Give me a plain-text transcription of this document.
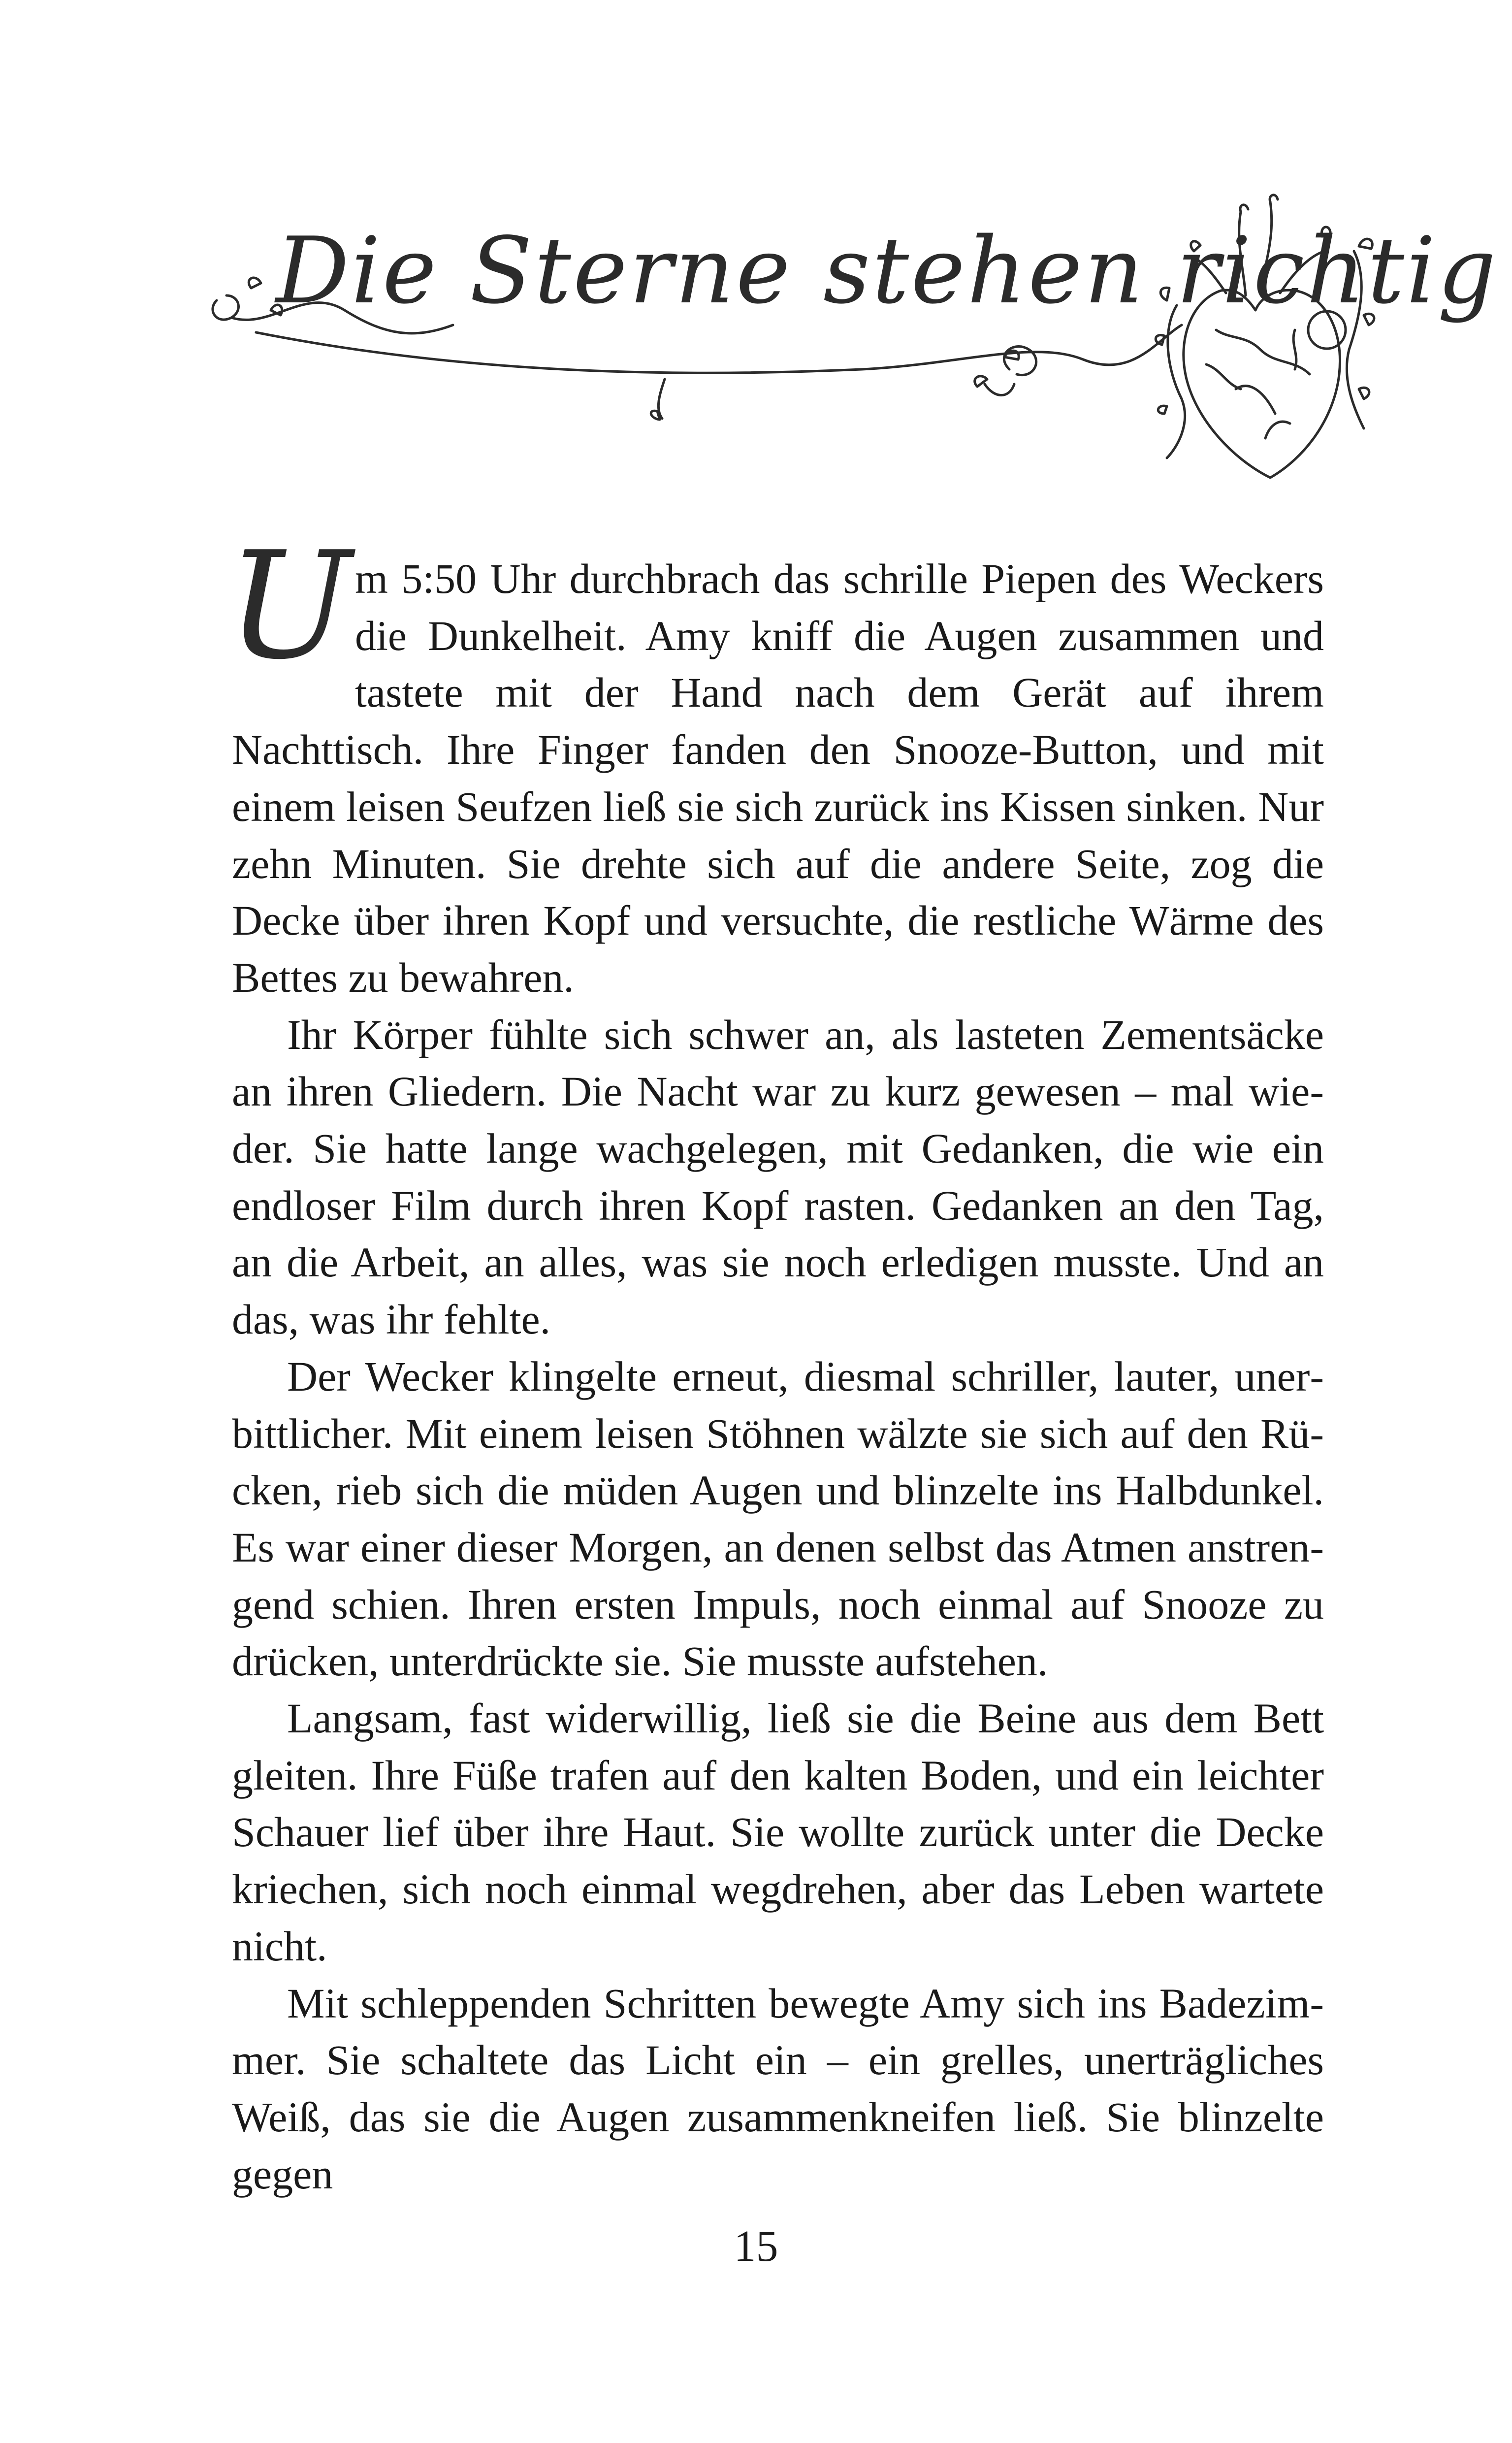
Die Sterne stehen richtig

Um 5:50 Uhr durchbrach das schrille Piepen des Weckers die Dunkelheit. Amy kniff die Augen zusammen und tastete mit der Hand nach dem Gerät auf ihrem Nachttisch. Ihre Finger fanden den Snooze-Button, und mit einem leisen Seufzen ließ sie sich zurück ins Kissen sinken. Nur zehn Minuten. Sie drehte sich auf die andere Seite, zog die Decke über ihren Kopf und versuchte, die restliche Wärme des Bettes zu bewahren.

Ihr Körper fühlte sich schwer an, als lasteten Zementsäcke an ihren Gliedern. Die Nacht war zu kurz gewesen – mal wieder. Sie hatte lange wachgelegen, mit Gedanken, die wie ein endloser Film durch ihren Kopf rasten. Gedanken an den Tag, an die Arbeit, an alles, was sie noch erledigen musste. Und an das, was ihr fehlte.

Der Wecker klingelte erneut, diesmal schriller, lauter, unerbittlicher. Mit einem leisen Stöhnen wälzte sie sich auf den Rücken, rieb sich die müden Augen und blinzelte ins Halbdunkel. Es war einer dieser Morgen, an denen selbst das Atmen anstrengend schien. Ihren ersten Impuls, noch einmal auf Snooze zu drücken, unterdrückte sie. Sie musste aufstehen.

Langsam, fast widerwillig, ließ sie die Beine aus dem Bett gleiten. Ihre Füße trafen auf den kalten Boden, und ein leichter Schauer lief über ihre Haut. Sie wollte zurück unter die Decke kriechen, sich noch einmal wegdrehen, aber das Leben wartete nicht.

Mit schleppenden Schritten bewegte Amy sich ins Badezimmer. Sie schaltete das Licht ein – ein grelles, unerträgliches Weiß, das sie die Augen zusammenkneifen ließ. Sie blinzelte gegen

15
